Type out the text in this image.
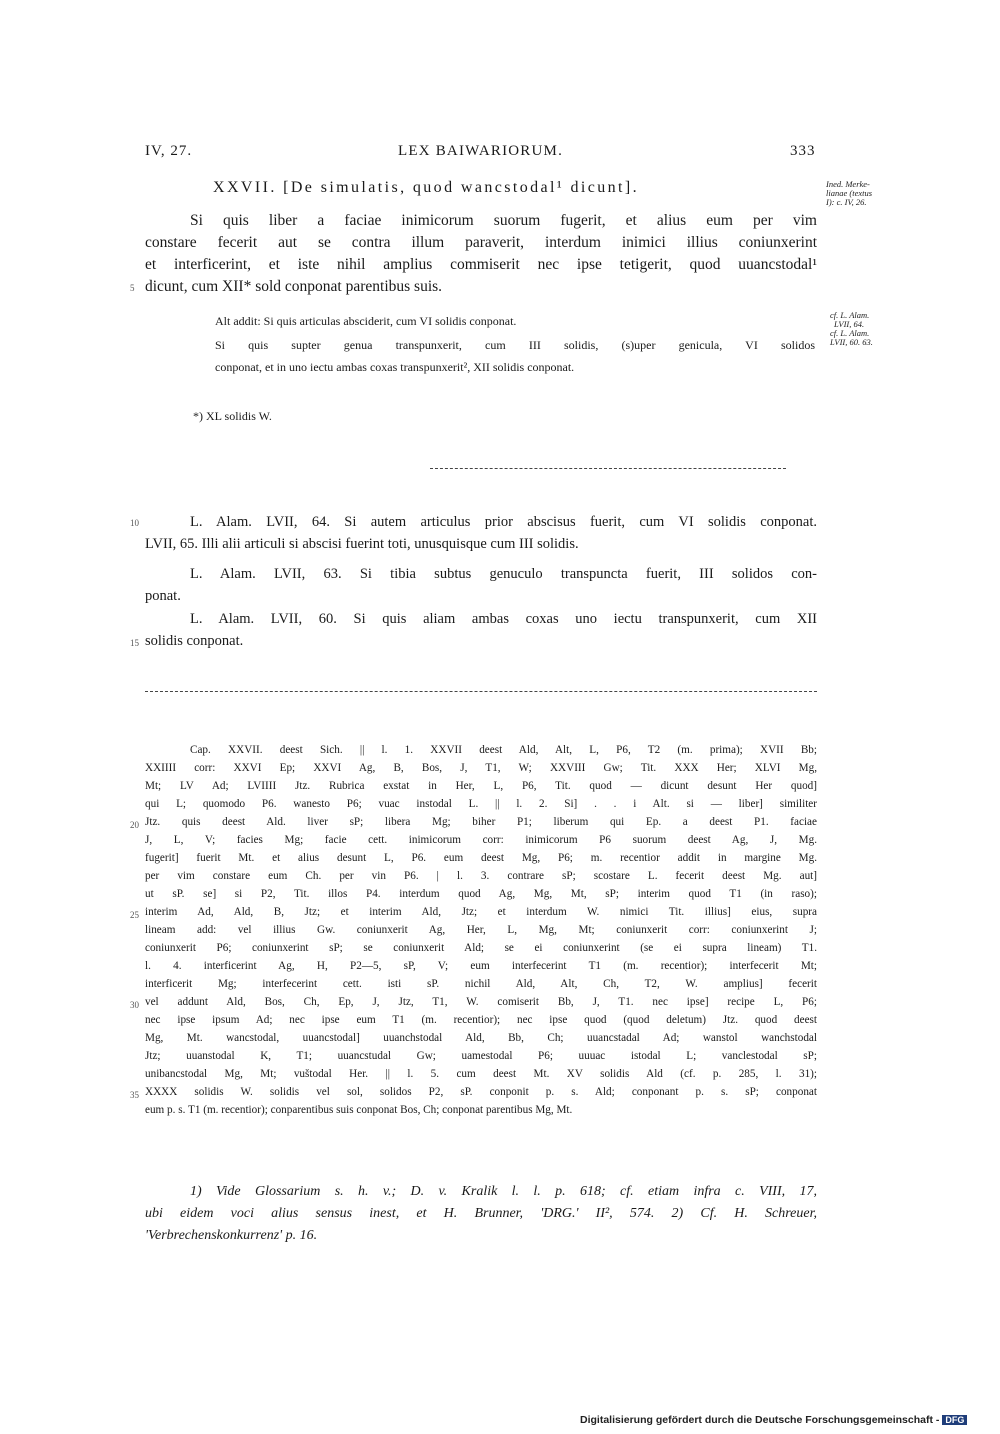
IV, 27.	LEX BAIWARIORUM.	333
XXVII. [De simulatis, quod wancstodal¹ dicunt].	Ined. Merke-
lianae (textus
I): c. IV, 26.
cf. L. Alam.
LVII, 64.
cf. L. Alam.
LVII, 60. 63.
Si quis liber a faciae inimicorum suorum fugerit, et alius eum per vim
constare fecerit aut se contra illum paraverit, interdum inimici illius coniunxerint
et interficerint, et iste nihil amplius commiserit nec ipse tetigerit, quod uuancstodal¹
dicunt, cum XII* sold conponat parentibus suis.
5
Alt addit: Si quis articulas absciderit, cum VI solidis conponat.
Si quis supter genua transpunxerit, cum III solidis, (s)uper genicula, VI solidos
conponat, et in uno iectu ambas coxas transpunxerit², XII solidis conponat.
*) XL solidis W.
L. Alam. LVII, 64. Si autem articulus prior abscisus fuerit, cum VI solidis conponat.
10
LVII, 65. Illi alii articuli si abscisi fuerint toti, unusquisque cum III solidis.
L. Alam. LVII, 63. Si tibia subtus genuculo transpuncta fuerit, III solidos con-
ponat.
L. Alam. LVII, 60. Si quis aliam ambas coxas uno iectu transpunxerit, cum XII
solidis conponat.
15
Cap. XXVII. deest Sich. || l. 1. XXVII deest Ald, Alt, L, P6, T2 (m. prima); XVII Bb;
XXIIII corr: XXVI Ep; XXVI Ag, B, Bos, J, T1, W; XXVIII Gw; Tit. XXX Her; XLVI Mg,
Mt; LV Ad; LVIIII Jtz. Rubrica exstat in Her, L, P6, Tit. quod — dicunt desunt Her quod]
qui L; quomodo P6. wanesto P6; vuac instodal L. || l. 2. Si] . . i Alt. si — liber] similiter
Jtz. quis deest Ald. liver sP; libera Mg; biher P1; liberum qui Ep. a deest P1. faciae
20
J, L, V; facies Mg; facie cett. inimicorum corr: inimicorum P6 suorum deest Ag, J, Mg.
fugerit] fuerit Mt. et alius desunt L, P6. eum deest Mg, P6; m. recentior addit in margine Mg.
per vim constare eum Ch. per vin P6. | l. 3. contrare sP; scostare L. fecerit deest Mg. aut]
ut sP. se] si P2, Tit. illos P4. interdum quod Ag, Mg, Mt, sP; interim quod T1 (in raso);
interim Ad, Ald, B, Jtz; et interim Ald, Jtz; et interdum W. nimici Tit. illius] eius, supra
25
lineam add: vel illius Gw. coniunxerit Ag, Her, L, Mg, Mt; coniunxerit corr: coniunxerint J;
coniunxerit P6; coniunxerint sP; se coniunxerit Ald; se ei coniunxerint (se ei supra lineam) T1.
l. 4. interficerint Ag, H, P2—5, sP, V; eum interfecerint T1 (m. recentior); interfecerit Mt;
interficerit Mg; interfecerint cett. isti sP. nichil Ald, Alt, Ch, T2, W. amplius] fecerit
vel addunt Ald, Bos, Ch, Ep, J, Jtz, T1, W. comiserit Bb, J, T1. nec ipse] recipe L, P6;
30
nec ipse ipsum Ad; nec ipse eum T1 (m. recentior); nec ipse quod (quod deletum) Jtz. quod deest
Mg, Mt. wancstodal, uuancstodal] uuanchstodal Ald, Bb, Ch; uuancstadal Ad; wanstol wanchstodal
Jtz; uuanstodal K, T1; uuancstudal Gw; uamestodal P6; uuuac istodal L; vanclestodal sP;
unibancstodal Mg, Mt; vuštodal Her. || l. 5. cum deest Mt. XV solidis Ald (cf. p. 285, l. 31);
XXXX solidis W. solidis vel sol, solidos P2, sP. conponit p. s. Ald; conponant p. s. sP; conponat
35
eum p. s. T1 (m. recentior); conparentibus suis conponat Bos, Ch; conponat parentibus Mg, Mt.
1) Vide Glossarium s. h. v.; D. v. Kralik l. l. p. 618; cf. etiam infra c. VIII, 17,
ubi eidem voci alius sensus inest, et H. Brunner, 'DRG.' II², 574. 2) Cf. H. Schreuer,
'Verbrechenskonkurrenz' p. 16.
Digitalisierung gefördert durch die Deutsche Forschungsgemeinschaft - DFG
